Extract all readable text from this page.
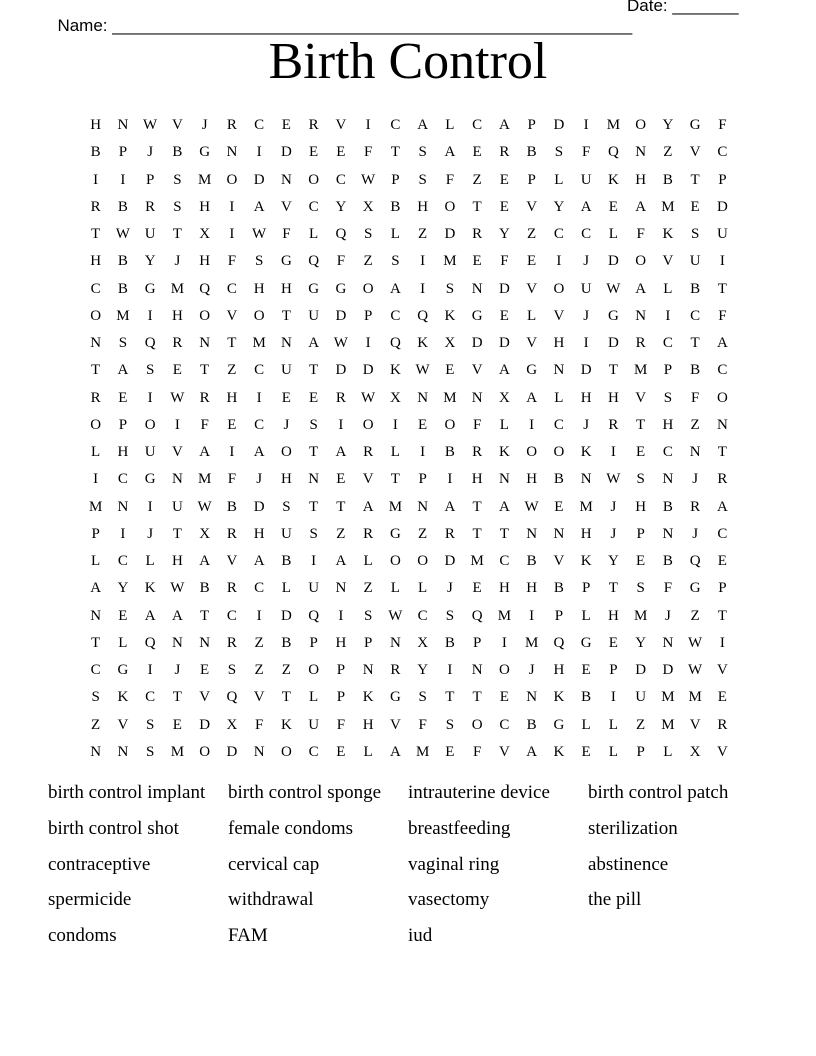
Name: _______________________________________________________

Date: _______

Birth Control
H	N W V	J	R	C	E	R	V	I	C	A	L	C	A	P	D	I	M	O	Y	G	F
B	P	J	B	G	N	I	D	E	E	F	T	S	A	E	R	B	S	F	Q	N	Z	V	C
I	I	P	S	M	O	D	N	O	C	W	P	S	F	Z	E	P	L	U	K	H	B	T	P
R	B	R	S	H	I	A	V	C	Y	X	B	H	O	T	E	V	Y	A	E	A	M	E	D
T	W U	T	X	I	W	F	L	Q	S	L	Z	D	R	Y	Z	C	C	L	F	K	S	U
H	B	Y	J	H	F	S	G	Q	F	Z	S	I	M	E	F	E	I	J	D	O	V	U	I
C	B	G	M	Q	C	H	H	G	G	O	A	I	S	N	D	V	O	U W A	L	B	T
O	M	I	H	O	V	O	T	U	D	P	C	Q	K	G	E	L	V	J	G	N	I	C	F
N	S	Q	R	N	T	M	N	A W	I	Q	K	X	D	D	V	H	I	D	R	C	T	A
T	A	S	E	T	Z	C	U	T	D	D	K W	E	V	A	G	N	D	T	M	P	B	C
R	E	I	W	R	H	I	E	E	R	W X	N	M	N	X	A	L	H	H	V	S	F	O
O	P	O	I	F	E	C	J	S	I	O	I	E	O	F	L	I	C	J	R	T	H	Z	N
L	H	U	V	A	I	A	O	T	A	R	L	I	B	R	K	O	O	K	I	E	C	N	T
I	C	G	N	M	F	J	H	N	E	V	T	P	I	H	N	H	B	N W	S	N	J	R
M	N	I	U W	B	D	S	T	T	A	M	N	A	T	A W	E	M	J	H	B	R	A
P	I	J	T	X	R	H	U	S	Z	R	G	Z	R	T	T	N	N	H	J	P	N	J	C
L	C	L	H	A	V	A	B	I	A	L	O	O	D	M	C	B	V	K	Y	E	B	Q	E
A	Y	K W	B	R	C	L	U	N	Z	L	L	J	E	H	H	B	P	T	S	F	G	P
N	E	A	A	T	C	I	D	Q	I	S	W	C	S	Q	M	I	P	L	H	M	J	Z	T
T	L	Q	N	N	R	Z	B	P	H	P	N	X	B	P	I	M	Q	G	E	Y	N W	I
C	G	I	J	E	S	Z	Z	O	P	N	R	Y	I	N	O	J	H	E	P	D	D W V
S	K	C	T	V	Q	V	T	L	P	K	G	S	T	T	E	N	K	B	I	U	M M	E
Z	V	S	E	D	X	F	K	U	F	H	V	F	S	O	C	B	G	L	L	Z	M	V	R
N	N	S	M	O	D	N	O	C	E	L	A	M	E	F	V	A	K	E	L	P	L	X	V
birth control implant	birth control sponge	intrauterine device	birth control patch
birth control shot	female condoms	breastfeeding	sterilization
contraceptive	cervical cap	vaginal ring	abstinence
spermicide	withdrawal	vasectomy	the pill
condoms	FAM	iud
